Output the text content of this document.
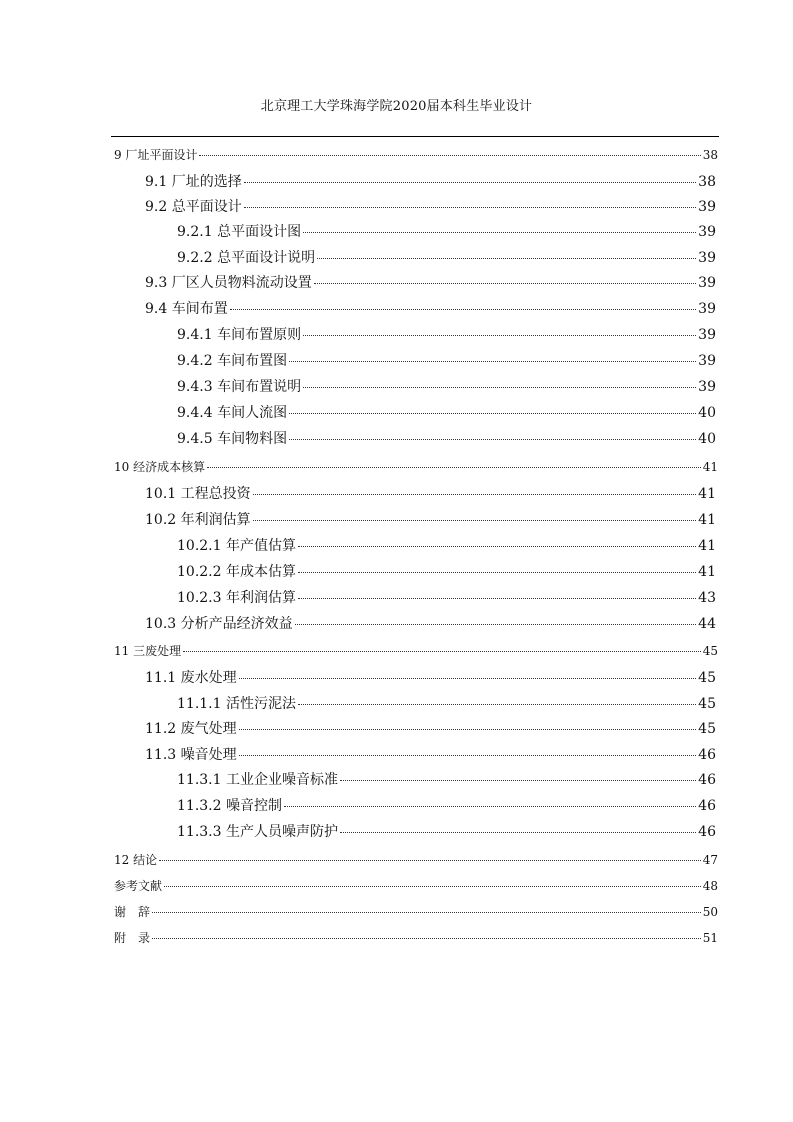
北京理工大学珠海学院2020届本科生毕业设计
9 厂址平面设计	38
9.1 厂址的选择	38
9.2 总平面设计	39
9.2.1 总平面设计图	39
9.2.2 总平面设计说明	39
9.3 厂区人员物料流动设置	39
9.4 车间布置	39
9.4.1 车间布置原则	39
9.4.2 车间布置图	39
9.4.3 车间布置说明	39
9.4.4 车间人流图	40
9.4.5 车间物料图	40
10 经济成本核算	41
10.1 工程总投资	41
10.2 年利润估算	41
10.2.1 年产值估算	41
10.2.2 年成本估算	41
10.2.3 年利润估算	43
10.3 分析产品经济效益	44
11 三废处理	45
11.1 废水处理	45
11.1.1 活性污泥法	45
11.2 废气处理	45
11.3 噪音处理	46
11.3.1 工业企业噪音标准	46
11.3.2 噪音控制	46
11.3.3 生产人员噪声防护	46
12 结论	47
参考文献	48
谢　辞	50
附　录	51
